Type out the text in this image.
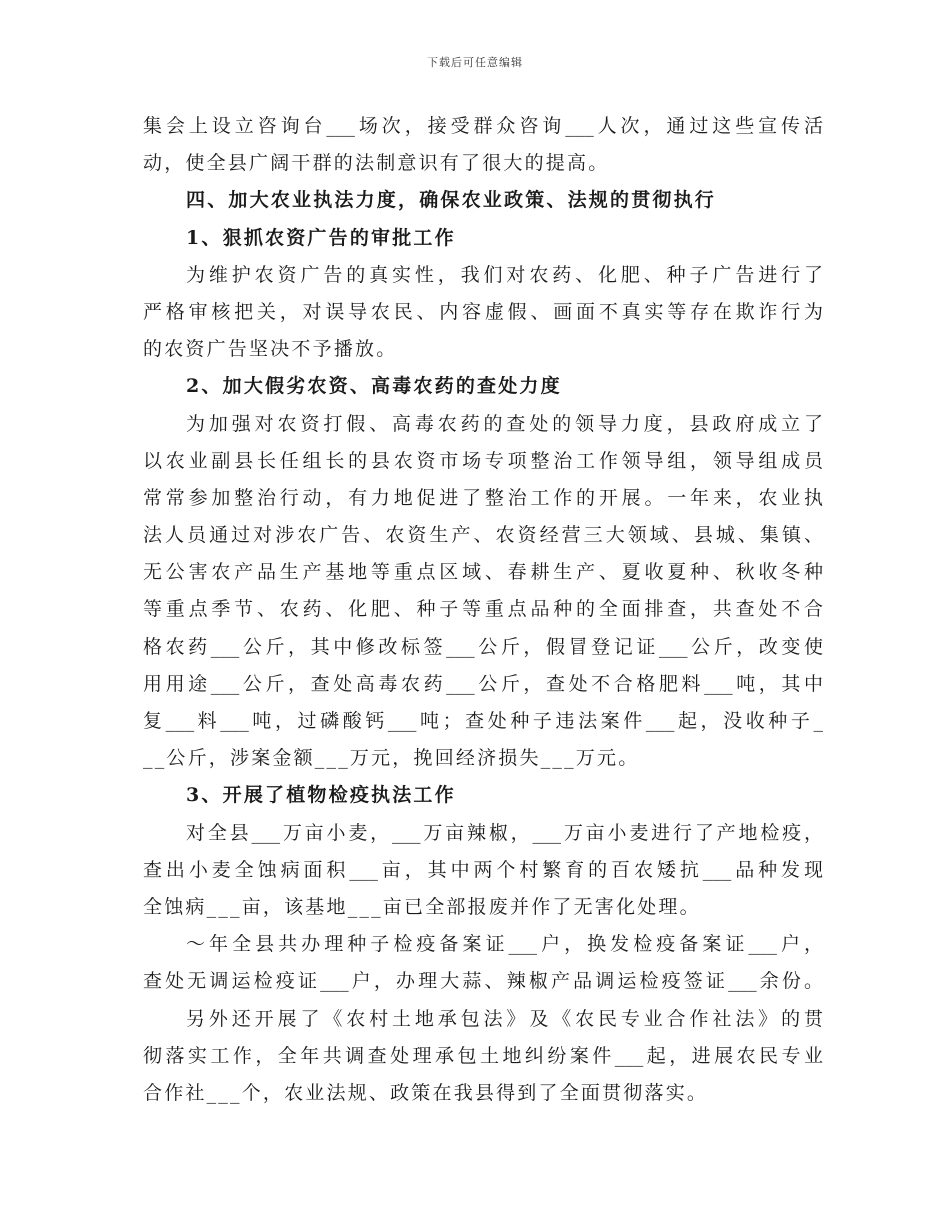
下载后可任意编辑
集会上设立咨询台___场次，接受群众咨询___人次，通过这些宣传活
动，使全县广阔干群的法制意识有了很大的提高。
四、加大农业执法力度，确保农业政策、法规的贯彻执行
1、狠抓农资广告的审批工作
为维护农资广告的真实性，我们对农药、化肥、种子广告进行了
严格审核把关，对误导农民、内容虚假、画面不真实等存在欺诈行为
的农资广告坚决不予播放。
2、加大假劣农资、高毒农药的查处力度
为加强对农资打假、高毒农药的查处的领导力度，县政府成立了
以农业副县长任组长的县农资市场专项整治工作领导组，领导组成员
常常参加整治行动，有力地促进了整治工作的开展。一年来，农业执
法人员通过对涉农广告、农资生产、农资经营三大领域、县城、集镇、
无公害农产品生产基地等重点区域、春耕生产、夏收夏种、秋收冬种
等重点季节、农药、化肥、种子等重点品种的全面排查，共查处不合
格农药___公斤，其中修改标签___公斤，假冒登记证___公斤，改变使
用用途___公斤，查处高毒农药___公斤，查处不合格肥料___吨，其中
复___料___吨，过磷酸钙___吨；查处种子违法案件___起，没收种子_
__公斤，涉案金额___万元，挽回经济损失___万元。
3、开展了植物检疫执法工作
对全县___万亩小麦，___万亩辣椒，___万亩小麦进行了产地检疫，
查出小麦全蚀病面积___亩，其中两个村繁育的百农矮抗___品种发现
全蚀病___亩，该基地___亩已全部报废并作了无害化处理。
～年全县共办理种子检疫备案证___户，换发检疫备案证___户，
查处无调运检疫证___户，办理大蒜、辣椒产品调运检疫签证___余份。
另外还开展了《农村土地承包法》及《农民专业合作社法》的贯
彻落实工作，全年共调查处理承包土地纠纷案件___起，进展农民专业
合作社___个，农业法规、政策在我县得到了全面贯彻落实。
